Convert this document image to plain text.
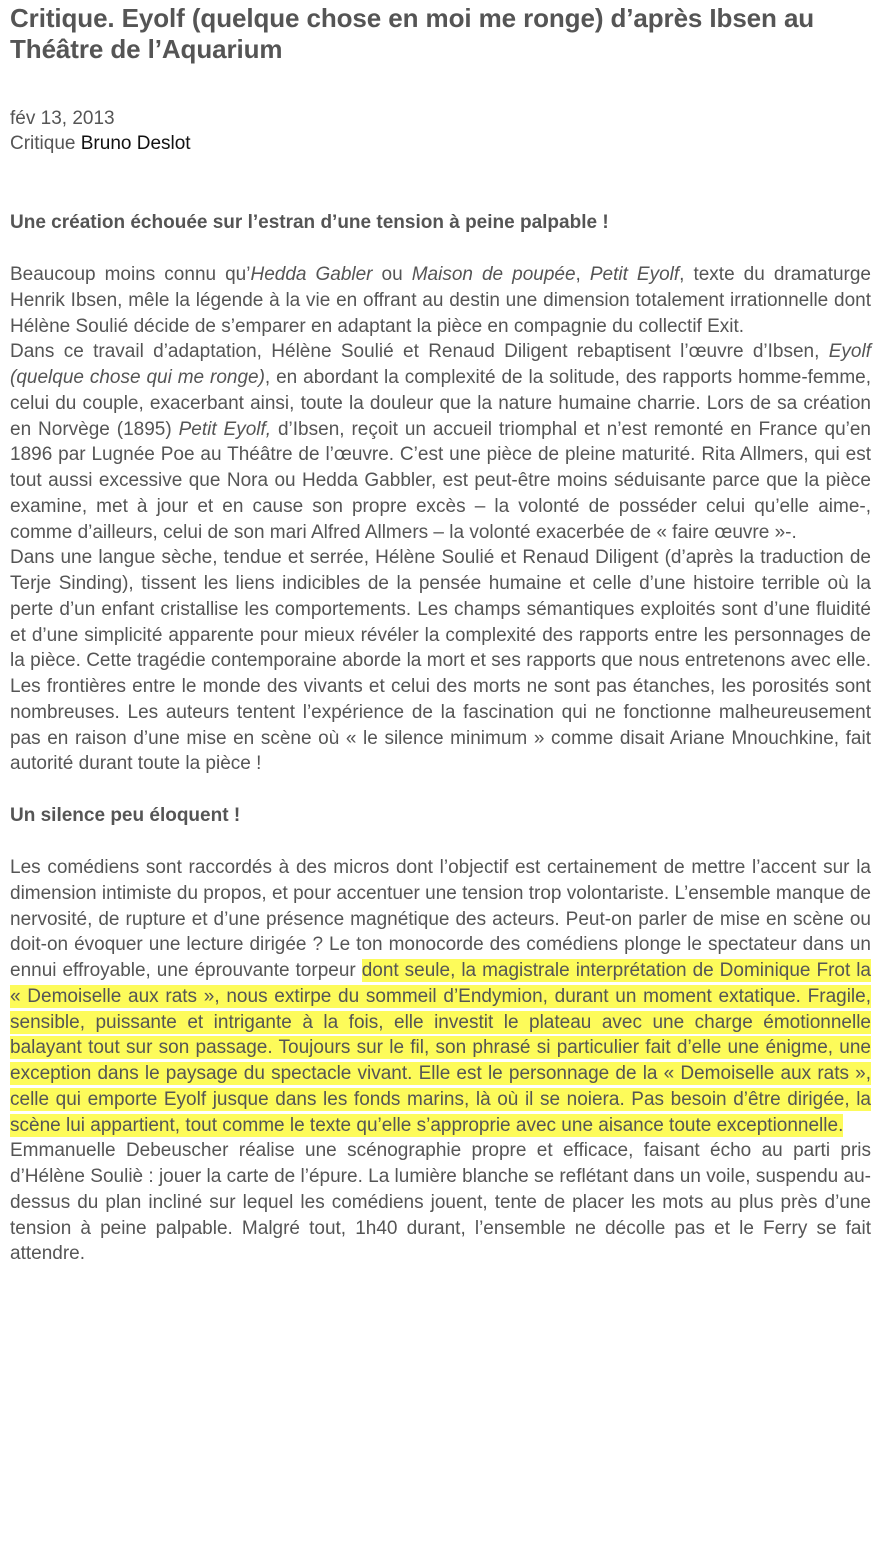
Critique. Eyolf (quelque chose en moi me ronge) d’après Ibsen au Théâtre de l’Aquarium
fév 13, 2013
Critique Bruno Deslot
Une création échouée sur l’estran d’une tension à peine palpable !

Beaucoup moins connu qu’Hedda Gabler ou Maison de poupée, Petit Eyolf, texte du dramaturge Henrik Ibsen, mêle la légende à la vie en offrant au destin une dimension totalement irrationnelle dont Hélène Soulié décide de s’emparer en adaptant la pièce en compagnie du collectif Exit.

Dans ce travail d’adaptation, Hélène Soulié et Renaud Diligent rebaptisent l’œuvre d’Ibsen, Eyolf (quelque chose qui me ronge), en abordant la complexité de la solitude, des rapports homme-femme, celui du couple, exacerbant ainsi, toute la douleur que la nature humaine charrie. Lors de sa création en Norvège (1895) Petit Eyolf, d’Ibsen, reçoit un accueil triomphal et n’est remonté en France qu’en 1896 par Lugnée Poe au Théâtre de l’œuvre. C’est une pièce de pleine maturité. Rita Allmers, qui est tout aussi excessive que Nora ou Hedda Gabbler, est peut-être moins séduisante parce que la pièce examine, met à jour et en cause son propre excès – la volonté de posséder celui qu’elle aime-, comme d’ailleurs, celui de son mari Alfred Allmers – la volonté exacerbée de « faire œuvre »-.

Dans une langue sèche, tendue et serrée, Hélène Soulié et Renaud Diligent (d’après la traduction de Terje Sinding), tissent les liens indicibles de la pensée humaine et celle d’une histoire terrible où la perte d’un enfant cristallise les comportements. Les champs sémantiques exploités sont d’une fluidité et d’une simplicité apparente pour mieux révéler la complexité des rapports entre les personnages de la pièce. Cette tragédie contemporaine aborde la mort et ses rapports que nous entretenons avec elle. Les frontières entre le monde des vivants et celui des morts ne sont pas étanches, les porosités sont nombreuses. Les auteurs tentent l’expérience de la fascination qui ne fonctionne malheureusement pas en raison d’une mise en scène où « le silence minimum » comme disait Ariane Mnouchkine, fait autorité durant toute la pièce !

Un silence peu éloquent !

Les comédiens sont raccordés à des micros dont l’objectif est certainement de mettre l’accent sur la dimension intimiste du propos, et pour accentuer une tension trop volontariste. L’ensemble manque de nervosité, de rupture et d’une présence magnétique des acteurs. Peut-on parler de mise en scène ou doit-on évoquer une lecture dirigée ? Le ton monocorde des comédiens plonge le spectateur dans un ennui effroyable, une éprouvante torpeur dont seule, la magistrale interprétation de Dominique Frot la « Demoiselle aux rats », nous extirpe du sommeil d’Endymion, durant un moment extatique. Fragile, sensible, puissante et intrigante à la fois, elle investit le plateau avec une charge émotionnelle balayant tout sur son passage. Toujours sur le fil, son phrasé si particulier fait d’elle une énigme, une exception dans le paysage du spectacle vivant. Elle est le personnage de la « Demoiselle aux rats », celle qui emporte Eyolf jusque dans les fonds marins, là où il se noiera. Pas besoin d’être dirigée, la scène lui appartient, tout comme le texte qu’elle s’approprie avec une aisance toute exceptionnelle.

Emmanuelle Debeuscher réalise une scénographie propre et efficace, faisant écho au parti pris d’Hélène Souliè : jouer la carte de l’épure. La lumière blanche se reflétant dans un voile, suspendu au-dessus du plan incliné sur lequel les comédiens jouent, tente de placer les mots au plus près d’une tension à peine palpable. Malgré tout, 1h40 durant, l’ensemble ne décolle pas et le Ferry se fait attendre.
